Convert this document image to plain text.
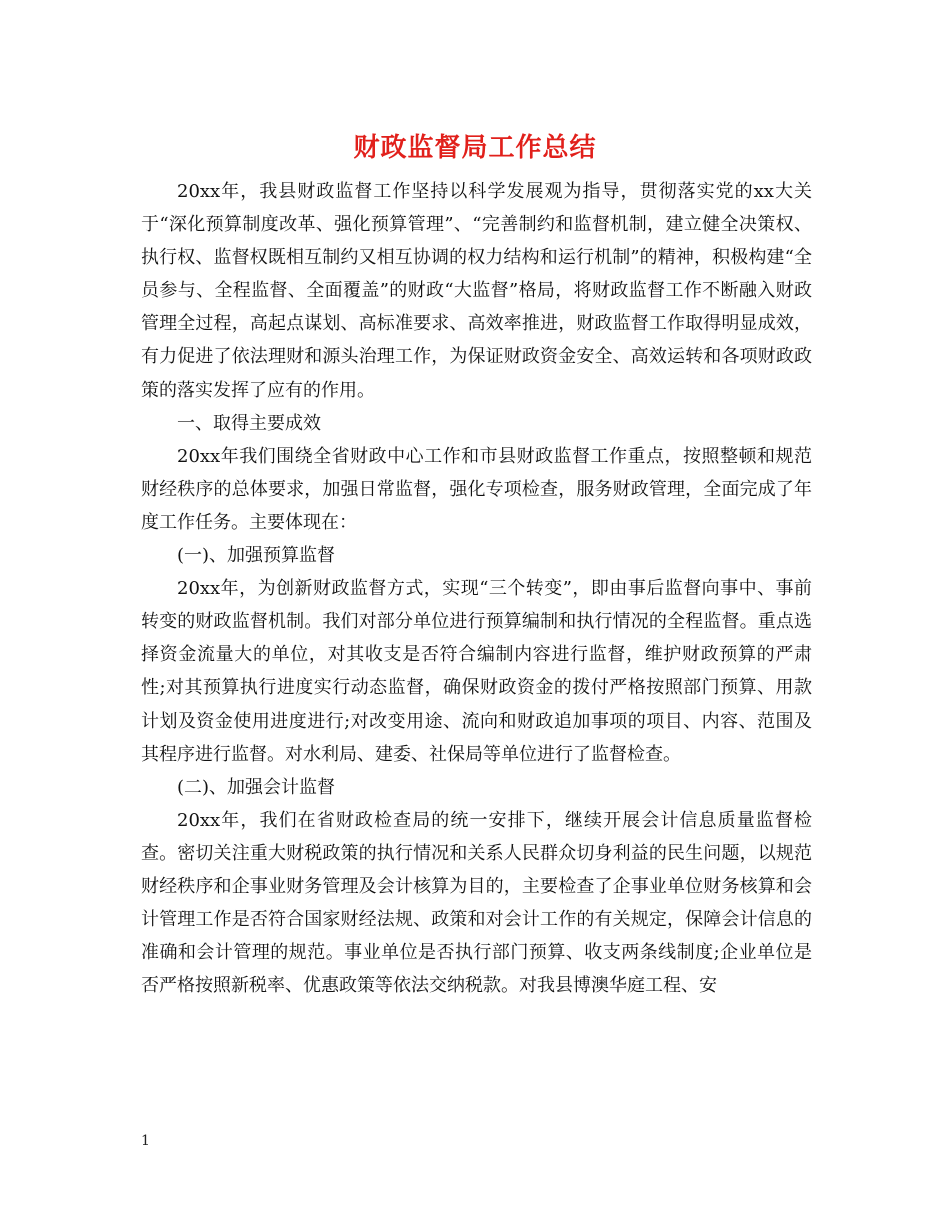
财政监督局工作总结

20xx年，我县财政监督工作坚持以科学发展观为指导，贯彻落实党的xx大关于“深化预算制度改革、强化预算管理”、“完善制约和监督机制，建立健全决策权、执行权、监督权既相互制约又相互协调的权力结构和运行机制”的精神，积极构建“全员参与、全程监督、全面覆盖”的财政“大监督”格局，将财政监督工作不断融入财政管理全过程，高起点谋划、高标准要求、高效率推进，财政监督工作取得明显成效，有力促进了依法理财和源头治理工作，为保证财政资金安全、高效运转和各项财政政策的落实发挥了应有的作用。

一、取得主要成效

20xx年我们围绕全省财政中心工作和市县财政监督工作重点，按照整顿和规范财经秩序的总体要求，加强日常监督，强化专项检查，服务财政管理，全面完成了年度工作任务。主要体现在：

(一)、加强预算监督

20xx年，为创新财政监督方式，实现“三个转变”，即由事后监督向事中、事前转变的财政监督机制。我们对部分单位进行预算编制和执行情况的全程监督。重点选择资金流量大的单位，对其收支是否符合编制内容进行监督，维护财政预算的严肃性;对其预算执行进度实行动态监督，确保财政资金的拨付严格按照部门预算、用款计划及资金使用进度进行;对改变用途、流向和财政追加事项的项目、内容、范围及其程序进行监督。对水利局、建委、社保局等单位进行了监督检查。

(二)、加强会计监督

20xx年，我们在省财政检查局的统一安排下，继续开展会计信息质量监督检查。密切关注重大财税政策的执行情况和关系人民群众切身利益的民生问题，以规范财经秩序和企事业财务管理及会计核算为目的，主要检查了企事业单位财务核算和会计管理工作是否符合国家财经法规、政策和对会计工作的有关规定，保障会计信息的准确和会计管理的规范。事业单位是否执行部门预算、收支两条线制度;企业单位是否严格按照新税率、优惠政策等依法交纳税款。对我县博澳华庭工程、安

1
